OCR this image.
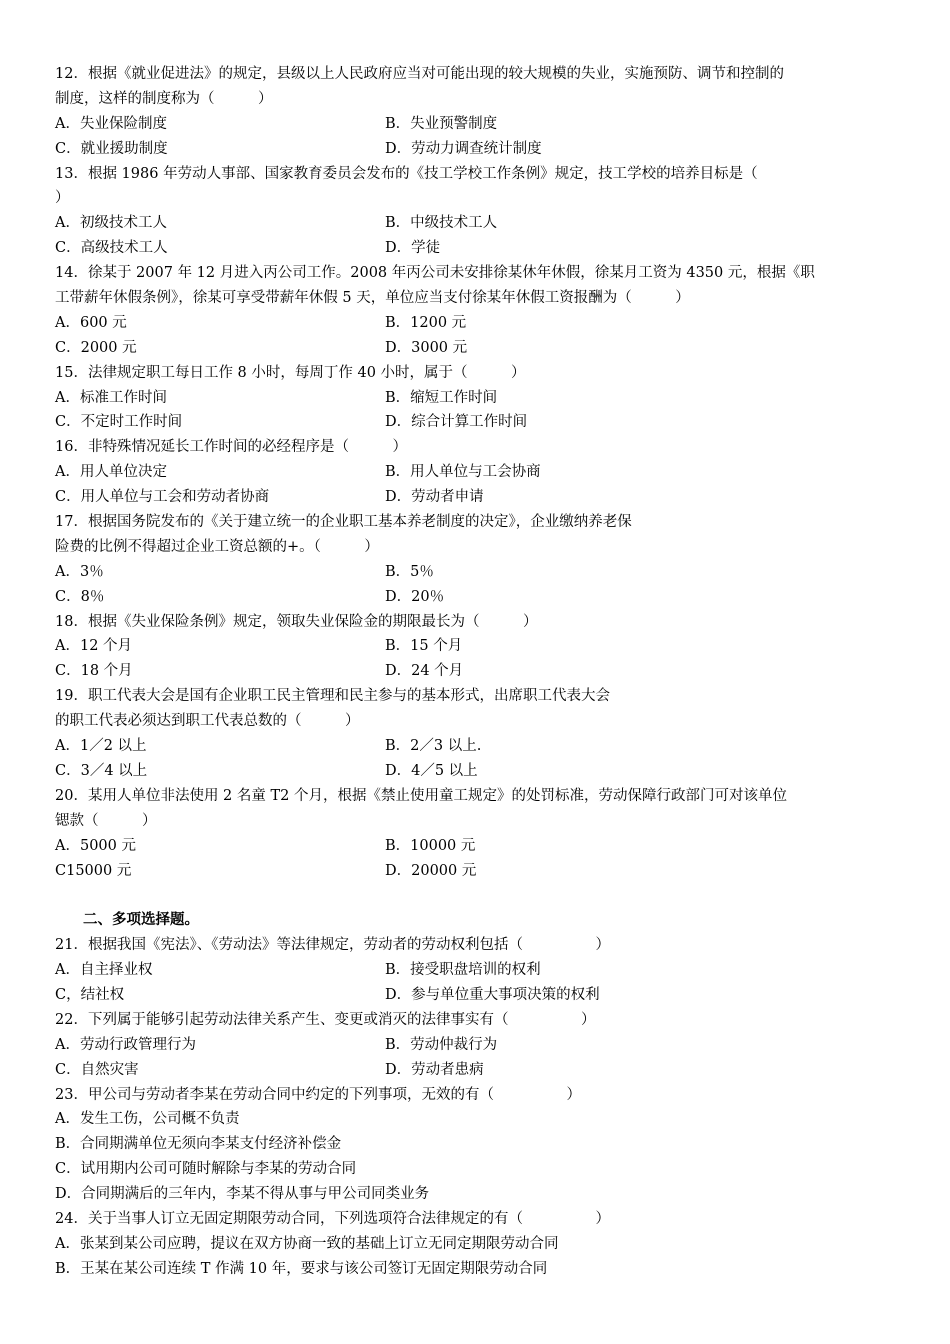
12．根据《就业促进法》的规定，县级以上人民政府应当对可能出现的较大规模的失业，实施预防、调节和控制的
制度，这样的制度称为（　　　）
A．失业保险制度	B．失业预警制度
C．就业援助制度	D．劳动力调查统计制度
13．根据 1986 年劳动人事部、国家教育委员会发布的《技工学校工作条例》规定，技工学校的培养目标是（
）
A．初级技术工人	B．中级技术工人
C．高级技术工人	D．学徒
14．徐某于 2007 年 12 月进入丙公司工作。2008 年丙公司未安排徐某休年休假，徐某月工资为 4350 元，根据《职
工带薪年休假条例》，徐某可享受带薪年休假 5 天，单位应当支付徐某年休假工资报酬为（　　　）
A．600 元	B．1200 元
C．2000 元	D．3000 元
15．法律规定职工每日工作 8 小时，每周丁作 40 小时，属于（　　　）
A．标准工作时间	B．缩短工作时间
C．不定时工作时间	D．综合计算工作时间
16．非特殊情况延长工作时间的必经程序是（　　　）
A．用人单位决定	B．用人单位与工会协商
C．用人单位与工会和劳动者协商	D．劳动者申请
17．根据国务院发布的《关于建立统一的企业职工基本养老制度的决定》，企业缴纳养老保
险费的比例不得超过企业工资总额的+。（　　　）
A．3％	B．5％
C．8％	D．20％
18．根据《失业保险条例》规定，领取失业保险金的期限最长为（　　　）
A．12 个月	B．15 个月
C．18 个月	D．24 个月
19．职工代表大会是国有企业职工民主管理和民主参与的基本形式，出席职工代表大会
的职工代表必须达到职工代表总数的（　　　）
A．1／2 以上	B．2／3 以上.
C．3／4 以上	D．4／5 以上
20．某用人单位非法使用 2 名童 T2 个月，根据《禁止使用童工规定》的处罚标准，劳动保障行政部门可对该单位
锶款（　　　）
A．5000 元	B．10000 元
C15000 元	D．20000 元
二、多项选择题。
21．根据我国《宪法》、《劳动法》等法律规定，劳动者的劳动权利包括（　　　　　）
A．自主择业权	B．接受职盘培训的权利
C，结社权	D．参与单位重大事项决策的权利
22．下列属于能够引起劳动法律关系产生、变更或消灭的法律事实有（　　　　　）
A．劳动行政管理行为	B．劳动仲裁行为
C．自然灾害	D．劳动者患病
23．甲公司与劳动者李某在劳动合同中约定的下列事项，无效的有（　　　　　）
A．发生工伤，公司概不负责
B．合同期满单位无须向李某支付经济补偿金
C．试用期内公司可随时解除与李某的劳动合同
D．合同期满后的三年内，李某不得从事与甲公司同类业务
24．关于当事人订立无固定期限劳动合同，下列选项符合法律规定的有（　　　　　）
A．张某到某公司应聘，提议在双方协商一致的基础上订立无同定期限劳动合同
B．王某在某公司连续 T 作满 10 年，要求与该公司签订无固定期限劳动合同
